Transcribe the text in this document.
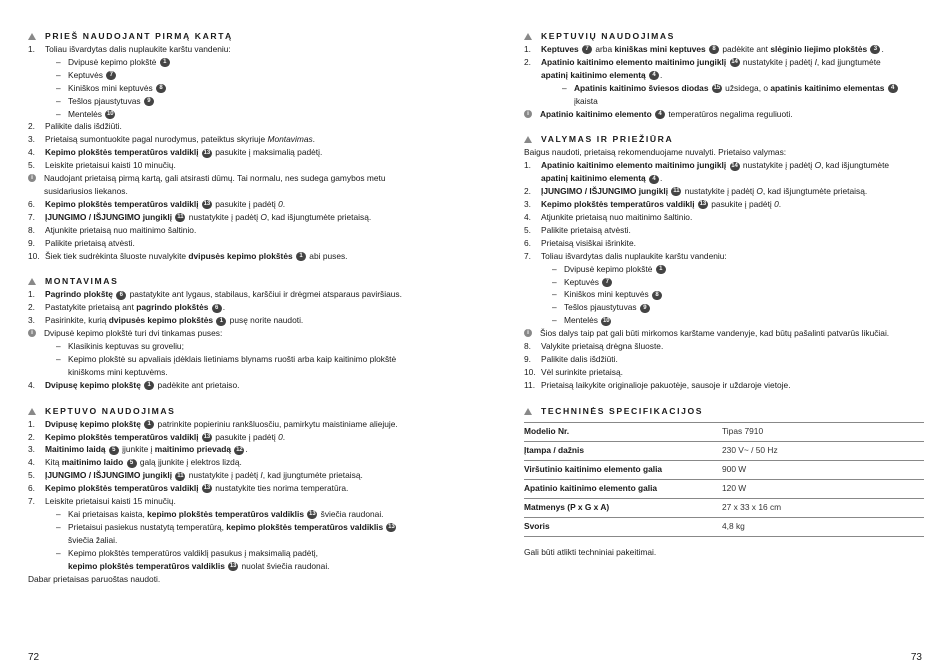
PRIEŠ NAUDOJANT PIRMĄ KARTĄ
1.	Toliau išvardytas dalis nuplaukite karštu vandeniu:
– Dvipusė kepimo plokštė 1
– Keptuvės 7
– Kiniškos mini keptuvės 8
– Tešlos pjaustytuvas 9
– Mentelės 10
2.	Palikite dalis išdžiūti.
3.	Prietaisą sumontuokite pagal nurodymus, pateiktus skyriuje Montavimas.
4.	Kepimo plokštės temperatūros valdiklį 13 pasukite į maksimalią padėtį.
5.	Leiskite prietaisui kaisti 10 minučių.
i	Naudojant prietaisą pirmą kartą, gali atsirasti dūmų. Tai normalu, nes sudega gamybos metu susidariusios liekanos.
6.	Kepimo plokštės temperatūros valdiklį 13 pasukite į padėtį 0.
7.	ĮJUNGIMO / IŠJUNGIMO jungiklį 11 nustatykite į padėtį O, kad išjungtumėte prietaisą.
8.	Atjunkite prietaisą nuo maitinimo šaltinio.
9.	Palikite prietaisą atvėsti.
10. Šiek tiek sudrėkinta šluoste nuvalykite dvipusės kepimo plokštės 1 abi puses.
MONTAVIMAS
1.	Pagrindo plokštę 6 pastatykite ant lygaus, stabilaus, karščiui ir drėgmei atsparaus paviršiaus.
2.	Pastatykite prietaisą ant pagrindo plokštės 6 .
3.	Pasirinkite, kurią dvipusės kepimo plokštės 1 pusę norite naudoti.
i	Dvipusė kepimo plokštė turi dvi tinkamas puses:
– Klasikinis keptuvas su groveliu;
– Kepimo plokštė su apvaliais įdėklais lietiniams blynams ruošti arba kaip kaitinimo plokštė kiniškoms mini keptuvėms.
4.	Dvipusę kepimo plokštę 1 padėkite ant prietaiso.
KEPTUVO NAUDOJIMAS
1.	Dvipusę kepimo plokštę 1 patrinkite popieriniu rankšluosčiu, pamirkytu maistiniame aliejuje.
2.	Kepimo plokštės temperatūros valdiklį 13 pasukite į padėtį 0.
3.	Maitinimo laidą 5 įjunkite į maitinimo prievadą 12 .
4.	Kitą maitinimo laido 5 galą įjunkite į elektros lizdą.
5.	ĮJUNGIMO / IŠJUNGIMO jungiklį 11 nustatykite į padėtį I, kad įjungtumėte prietaisą.
6.	Kepimo plokštės temperatūros valdiklį 13 nustatykite ties norima temperatūra.
7.	Leiskite prietaisui kaisti 15 minučių.
– Kai prietaisas kaista, kepimo plokštės temperatūros valdiklis 13 šviečia raudonai.
– Prietaisui pasiekus nustatytą temperatūrą, kepimo plokštės temperatūros valdiklis 13
šviečia žaliai.
– Kepimo plokštės temperatūros valdiklį pasukus į maksimalią padėtį,
kepimo plokštės temperatūros valdiklis 13 nuolat šviečia raudonai.
Dabar prietaisas paruoštas naudoti.
KEPTUVIŲ NAUDOJIMAS
1.	Keptuves 7 arba kiniškas mini keptuves 8 padėkite ant slėginio liejimo plokštės 3 .
2.	Apatinio kaitinimo elemento maitinimo jungiklį 14 nustatykite į padėtį I, kad įjungtumėte
apatinį kaitinimo elementą 4 .
– Apatinis kaitinimo šviesos diodas 15 užsidega, o apatinis kaitinimo elementas 4 įkaista
i	Apatinio kaitinimo elemento 4 temperatūros negalima reguliuoti.
VALYMAS IR PRIEŽIŪRA
Baigus naudoti, prietaisą rekomenduojame nuvalyti. Prietaiso valymas:
1.	Apatinio kaitinimo elemento maitinimo jungiklį 14 nustatykite į padėtį O, kad išjungtumėte
apatinį kaitinimo elementą 4 .
2.	ĮJUNGIMO / IŠJUNGIMO jungiklį 11 nustatykite į padėtį O, kad išjungtumėte prietaisą.
3.	Kepimo plokštės temperatūros valdiklį 13 pasukite į padėtį 0.
4.	Atjunkite prietaisą nuo maitinimo šaltinio.
5.	Palikite prietaisą atvėsti.
6.	Prietaisą visiškai išrinkite.
7.	Toliau išvardytas dalis nuplaukite karštu vandeniu:
– Dvipusė kepimo plokštė 1
– Keptuvės 7
– Kiniškos mini keptuvės 8
– Tešlos pjaustytuvas 9
– Mentelės 10
i	Šios dalys taip pat gali būti mirkomos karštame vandenyje, kad būtų pašalinti patvarūs likučiai.
8.	Valykite prietaisą drėgna šluoste.
9.	Palikite dalis išdžiūti.
10. Vėl surinkite prietaisą.
11. Prietaisą laikykite originalioje pakuotėje, sausoje ir uždaroje vietoje.
TECHNINĖS SPECIFIKACIJOS
Modelio Nr.	Tipas 7910
Įtampa / dažnis	230 V~ / 50 Hz
Viršutinio kaitinimo elemento galia	900 W
Apatinio kaitinimo elemento galia	120 W
Matmenys (P x G x A)	27 x 33 x 16 cm
Svoris	4,8 kg
Gali būti atlikti techniniai pakeitimai.
72	73
